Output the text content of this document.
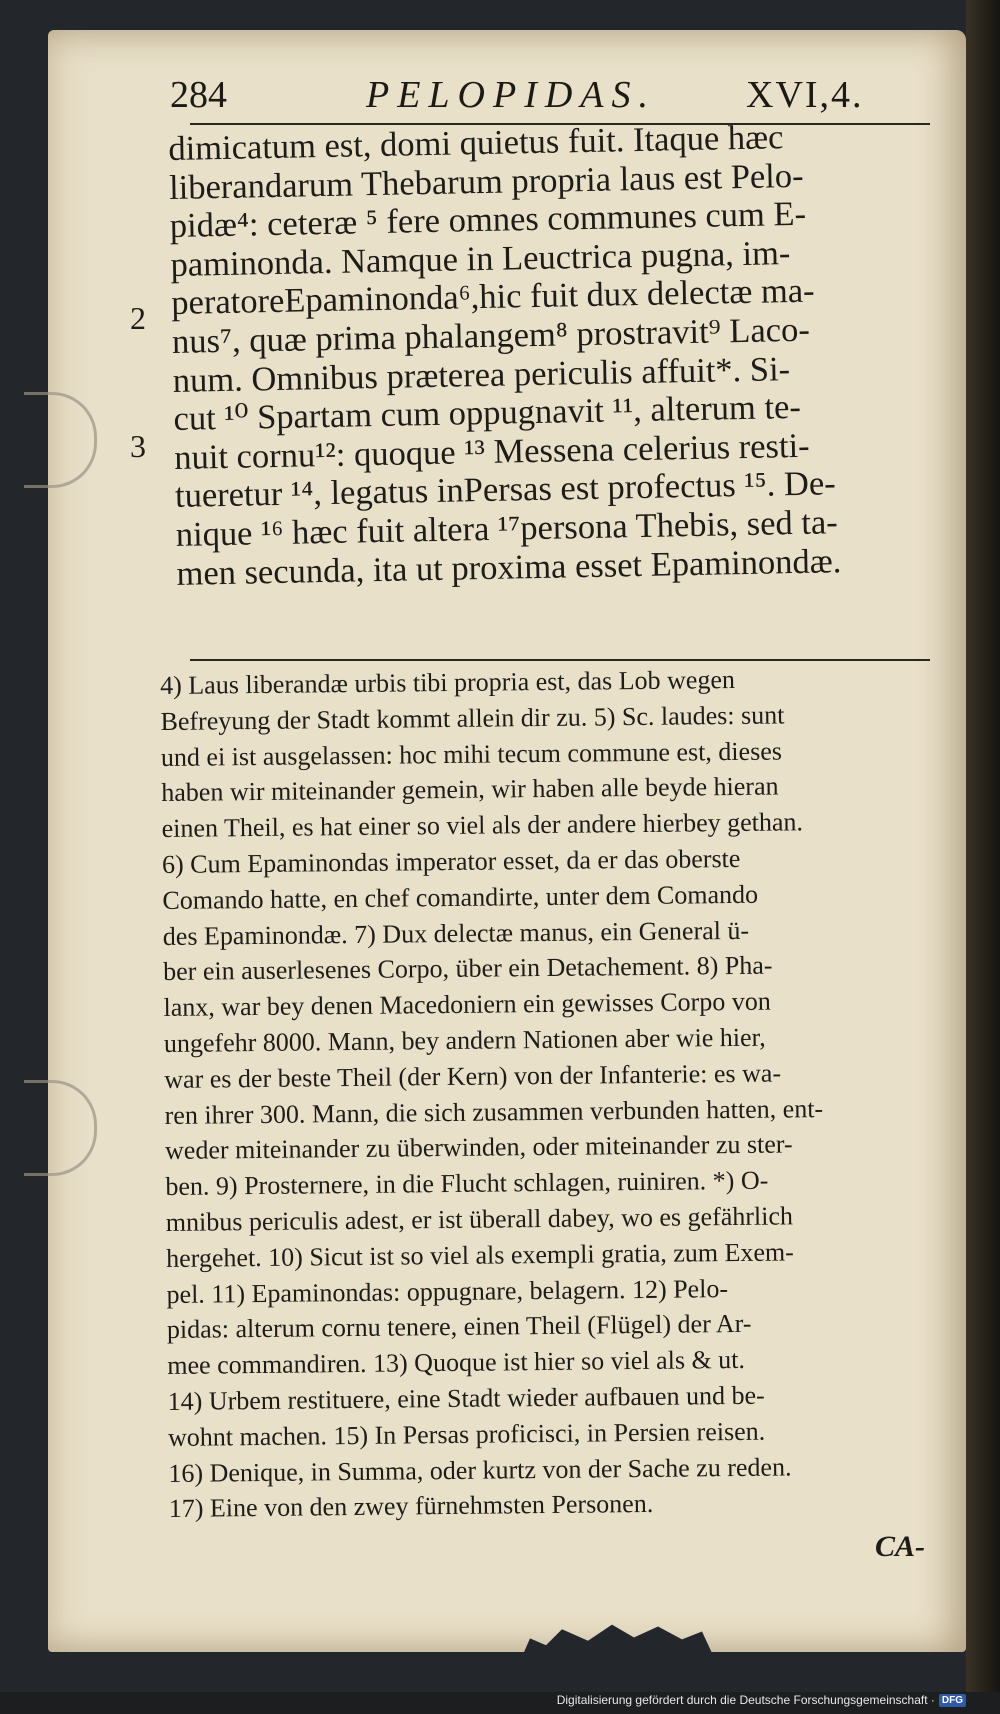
284	PELOPIDAS.	XVI,4.
2
3
dimicatum est, domi quietus fuit. Itaque hæc
liberandarum Thebarum propria laus est Pelo-
pidæ⁴: ceteræ ⁵ fere omnes communes cum E-
paminonda. Namque in Leuctrica pugna, im-
peratoreEpaminonda⁶,hic fuit dux delectæ ma-
nus⁷, quæ prima phalangem⁸ prostravit⁹ Laco-
num. Omnibus præterea periculis affuit*. Si-
cut ¹⁰ Spartam cum oppugnavit ¹¹, alterum te-
nuit cornu¹²: quoque ¹³ Messena celerius resti-
tueretur ¹⁴, legatus inPersas est profectus ¹⁵. De-
nique ¹⁶ hæc fuit altera ¹⁷persona Thebis, sed ta-
men secunda, ita ut proxima esset Epaminondæ.
4) Laus liberandæ urbis tibi propria est, das Lob wegen
Befreyung der Stadt kommt allein dir zu. 5) Sc. laudes: sunt
und ei ist ausgelassen: hoc mihi tecum commune est, dieses
haben wir miteinander gemein, wir haben alle beyde hieran
einen Theil, es hat einer so viel als der andere hierbey gethan.
6) Cum Epaminondas imperator esset, da er das oberste
Comando hatte, en chef comandirte, unter dem Comando
des Epaminondæ. 7) Dux delectæ manus, ein General ü-
ber ein auserlesenes Corpo, über ein Detachement. 8) Pha-
lanx, war bey denen Macedoniern ein gewisses Corpo von
ungefehr 8000. Mann, bey andern Nationen aber wie hier,
war es der beste Theil (der Kern) von der Infanterie: es wa-
ren ihrer 300. Mann, die sich zusammen verbunden hatten, ent-
weder miteinander zu überwinden, oder miteinander zu ster-
ben. 9) Prosternere, in die Flucht schlagen, ruiniren. *) O-
mnibus periculis adest, er ist überall dabey, wo es gefährlich
hergehet. 10) Sicut ist so viel als exempli gratia, zum Exem-
pel. 11) Epaminondas: oppugnare, belagern. 12) Pelo-
pidas: alterum cornu tenere, einen Theil (Flügel) der Ar-
mee commandiren. 13) Quoque ist hier so viel als & ut.
14) Urbem restituere, eine Stadt wieder aufbauen und be-
wohnt machen. 15) In Persas proficisci, in Persien reisen.
16) Denique, in Summa, oder kurtz von der Sache zu reden.
17) Eine von den zwey fürnehmsten Personen.
CA-
Digitalisierung gefördert durch die Deutsche Forschungsgemeinschaft · DFG
